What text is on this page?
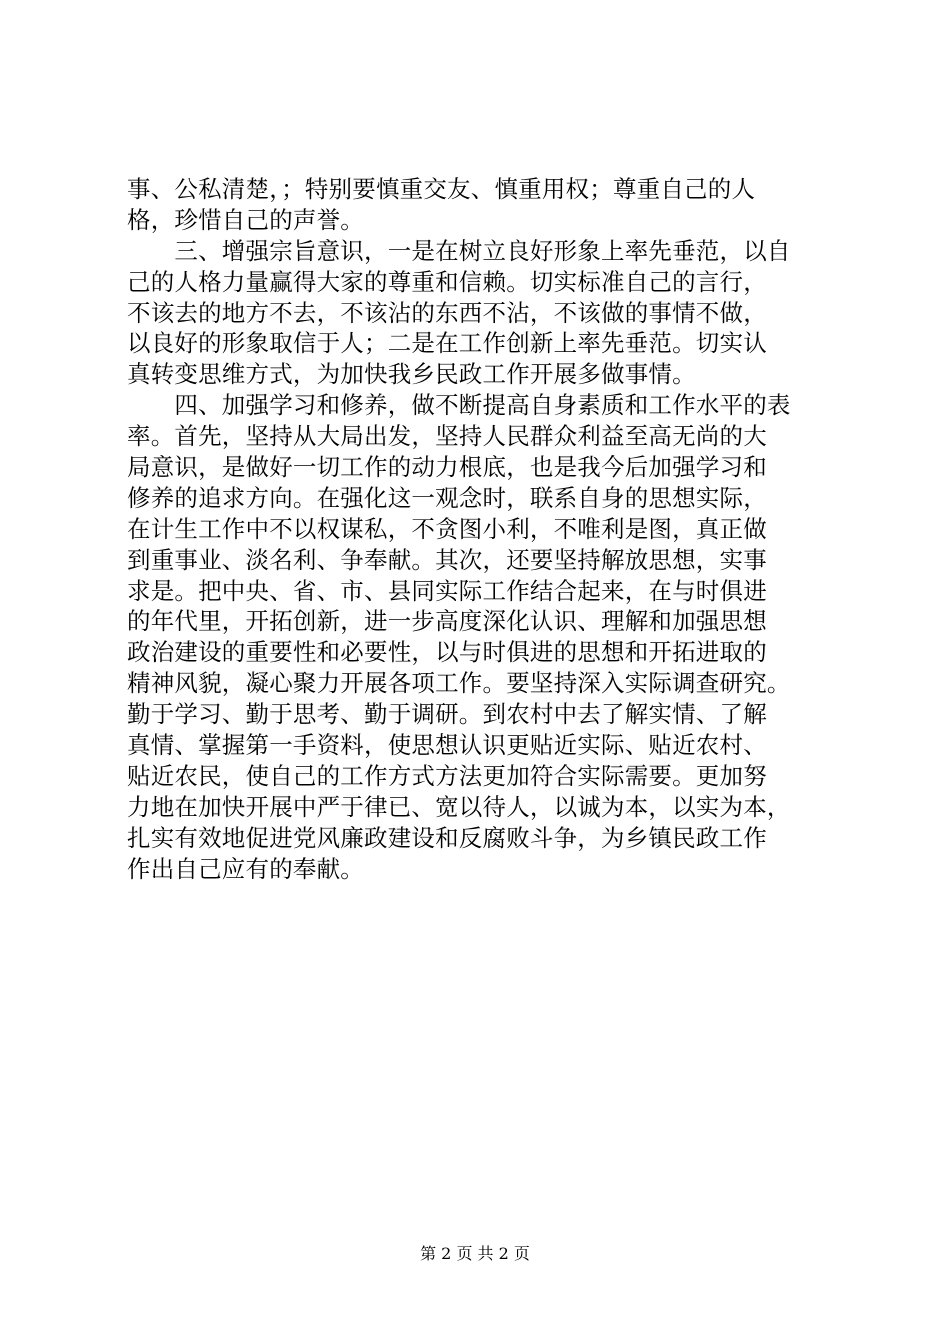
事、公私清楚，；特别要慎重交友、慎重用权；尊重自己的人
格，珍惜自己的声誉。
　　三、增强宗旨意识，一是在树立良好形象上率先垂范，以自
己的人格力量赢得大家的尊重和信赖。切实标准自己的言行，
不该去的地方不去，不该沾的东西不沾，不该做的事情不做，
以良好的形象取信于人；二是在工作创新上率先垂范。切实认
真转变思维方式，为加快我乡民政工作开展多做事情。
　　四、加强学习和修养，做不断提高自身素质和工作水平的表
率。首先，坚持从大局出发，坚持人民群众利益至高无尚的大
局意识，是做好一切工作的动力根底，也是我今后加强学习和
修养的追求方向。在强化这一观念时，联系自身的思想实际，
在计生工作中不以权谋私，不贪图小利，不唯利是图，真正做
到重事业、淡名利、争奉献。其次，还要坚持解放思想，实事
求是。把中央、省、市、县同实际工作结合起来，在与时俱进
的年代里，开拓创新，进一步高度深化认识、理解和加强思想
政治建设的重要性和必要性，以与时俱进的思想和开拓进取的
精神风貌，凝心聚力开展各项工作。要坚持深入实际调查研究。
勤于学习、勤于思考、勤于调研。到农村中去了解实情、了解
真情、掌握第一手资料，使思想认识更贴近实际、贴近农村、
贴近农民，使自己的工作方式方法更加符合实际需要。更加努
力地在加快开展中严于律已、宽以待人，以诚为本，以实为本，
扎实有效地促进党风廉政建设和反腐败斗争，为乡镇民政工作
作出自己应有的奉献。
第 2 页 共 2 页
